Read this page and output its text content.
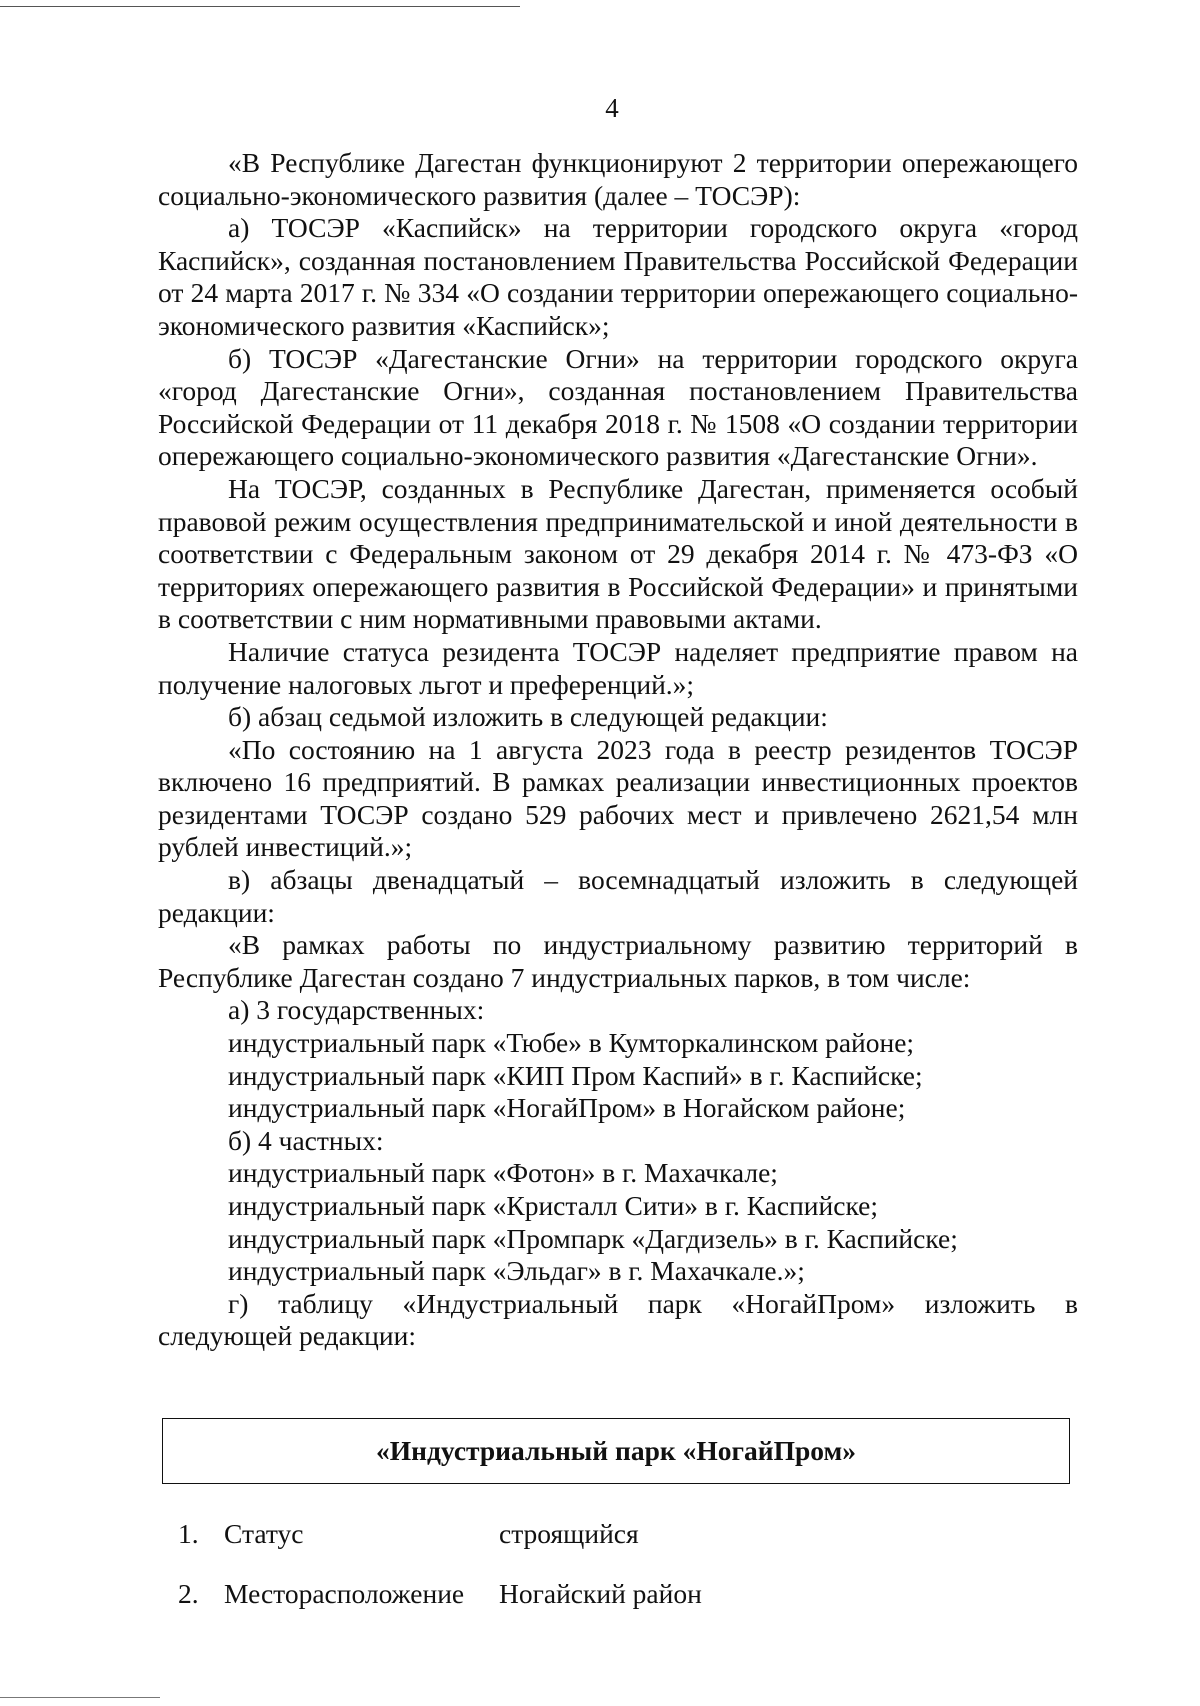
4

«В Республике Дагестан функционируют 2 территории опережающего социально-экономического развития (далее – ТОСЭР):

а) ТОСЭР «Каспийск» на территории городского округа «город Каспийск», созданная постановлением Правительства Российской Федерации от 24 марта 2017 г. № 334 «О создании территории опережающего социально-экономического развития «Каспийск»;

б) ТОСЭР «Дагестанские Огни» на территории городского округа «город Дагестанские Огни», созданная постановлением Правительства Российской Федерации от 11 декабря 2018 г. № 1508 «О создании территории опережающего социально-экономического развития «Дагестанские Огни».

На ТОСЭР, созданных в Республике Дагестан, применяется особый правовой режим осуществления предпринимательской и иной деятельности в соответствии с Федеральным законом от 29 декабря 2014 г. № 473-ФЗ «О территориях опережающего развития в Российской Федерации» и принятыми в соответствии с ним нормативными правовыми актами.

Наличие статуса резидента ТОСЭР наделяет предприятие правом на получение налоговых льгот и преференций.»;

б) абзац седьмой изложить в следующей редакции:

«По состоянию на 1 августа 2023 года в реестр резидентов ТОСЭР включено 16 предприятий. В рамках реализации инвестиционных проектов резидентами ТОСЭР создано 529 рабочих мест и привлечено 2621,54 млн рублей инвестиций.»;

в) абзацы двенадцатый – восемнадцатый изложить в следующей редакции:

«В рамках работы по индустриальному развитию территорий в Республике Дагестан создано 7 индустриальных парков, в том числе:

а) 3 государственных:
индустриальный парк «Тюбе» в Кумторкалинском районе;
индустриальный парк «КИП Пром Каспий» в г. Каспийске;
индустриальный парк «НогайПром» в Ногайском районе;
б) 4 частных:
индустриальный парк «Фотон» в г. Махачкале;
индустриальный парк «Кристалл Сити» в г. Каспийске;
индустриальный парк «Промпарк «Дагдизель» в г. Каспийске;
индустриальный парк «Эльдаг» в г. Махачкале.»;

г) таблицу «Индустриальный парк «НогайПром» изложить в следующей редакции:

«Индустриальный парк «НогайПром»
1. Статус	строящийся
2. Месторасположение	Ногайский район
